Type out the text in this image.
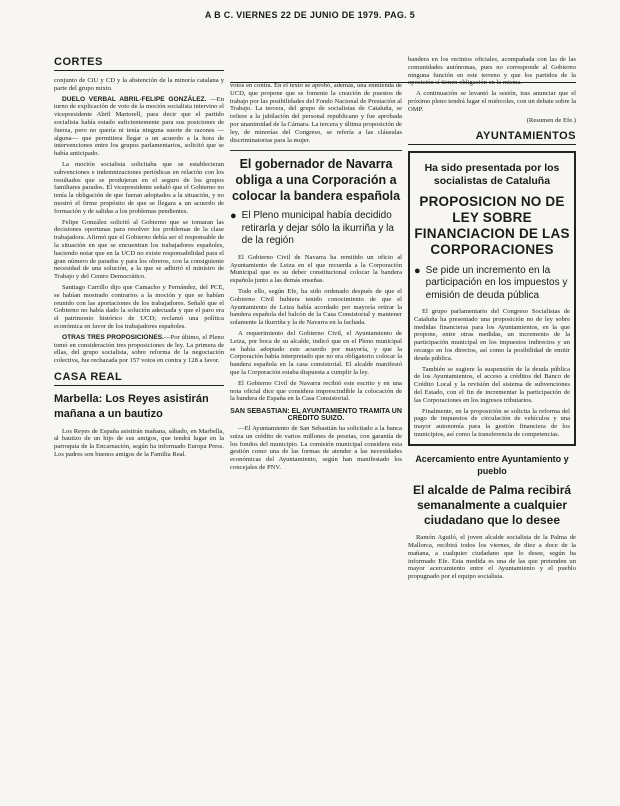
A B C. VIERNES 22 DE JUNIO DE 1979. PAG. 5
CORTES

conjunto de CiU y CD y la abstención de la minoría catalana y parte del grupo mixto.

DUELO VERBAL ABRIL-FELIPE GONZÁLEZ. —En turno de explicación de voto de la moción socialista intervino el vicepresidente Abril Martorell, para decir que el partido socialista había estado suficientemente para sus posiciones de fuerza, pero no quería ni tenía ninguna suerte de razones —alguna— que permitiera llegar a un acuerdo a la hora de intervenciones entre los grupos parlamentarios, solicitó que se había anticipado.

La moción socialista solicitaba que se establecieran subvenciones e indemnizaciones periódicas en relación con los resultados que se produjeran en el seguro de los grupos familiares parados. El vicepresidente señaló que el Gobierno no tenía la obligación de que fueran adoptados a la situación, y no mostró el firme propósito de que se llegara a un acuerdo de formación y de salidas a los problemas pendientes.

Felipe González solicitó al Gobierno que se tomaran las decisiones oportunas para resolver los problemas de la clase trabajadora. Afirmó que el Gobierno debía ser el responsable de la situación en que se encuentran los trabajadores españoles, haciendo notar que en la UCD no existe responsabilidad para el gran número de parados y para los obreros, con la consiguiente necesidad de una solución, a la que se adhirió el ministro de Trabajo y del Centro Democrático.

Santiago Carrillo dijo que Camacho y Fernández, del PCE, se habían mostrado contrarios a la moción y que se habían reunido con las aportaciones de los trabajadores. Señaló que el Gobierno no había dado la solución adecuada y que el paro era el patrimonio histórico de UCD; reclamó una política económica en favor de los trabajadores españoles.

OTRAS TRES PROPOSICIONES.—Por último, el Pleno tomó en consideración tres proposiciones de ley. La primera de ellas, del grupo socialista, sobre reforma de la negociación colectiva, fue rechazada por 157 votos en contra y 128 a favor.

CASA REAL
Marbella: Los Reyes asistirán mañana a un bautizo

Los Reyes de España asistirán mañana, sábado, en Marbella, al bautizo de un hijo de sus amigos, que tendrá lugar en la parroquia de la Encarnación, según ha informado Europa Press. Los padres son buenos amigos de la Familia Real.

votos en contra. En el texto se aprobó, además, una enmienda de UCD, que propone que se fomente la creación de puestos de trabajo por las posibilidades del Fondo Nacional de Prestación al Trabajo. La tercera, del grupo de socialistas de Cataluña, se refiere a la jubilación del personal republicano y fue aprobada por unanimidad de la Cámara. La tercera y última proposición de ley, de minorías del Congreso, se refería a las cláusulas discriminatorias para la mujer.

El gobernador de Navarra obliga a una Corporación a colocar la bandera española
● El Pleno municipal había decidido retirarla y dejar sólo la ikurriña y la de la región

El Gobierno Civil de Navarra ha remitido un oficio al Ayuntamiento de Leiza en el que recuerda a la Corporación Municipal que es su deber constitucional colocar la bandera española junto a las demás enseñas.

Todo ello, según Efe, ha sido ordenado después de que el Gobierno Civil hubiera tenido conocimiento de que el Ayuntamiento de Leiza había acordado por mayoría retirar la bandera española del balcón de la Casa Consistorial y mantener solamente la ikurriña y la de Navarra en la fachada.

A requerimiento del Gobierno Civil, el Ayuntamiento de Leiza, por boca de su alcalde, indicó que en el Pleno municipal se había adoptado este acuerdo por mayoría, y que la Corporación había interpretado que no era obligatorio colocar la bandera española en la casa consistorial. El alcalde manifestó que la Corporación estaba dispuesta a cumplir la ley.

El Gobierno Civil de Navarra recibió este escrito y en una nota oficial dice que considera imprescindible la colocación de la bandera de España en la Casa Consistorial.

SAN SEBASTIAN: EL AYUNTAMIENTO TRAMITA UN CRÉDITO SUIZO.

—El Ayuntamiento de San Sebastián ha solicitado a la banca suiza un crédito de varios millones de pesetas, con garantía de los fondos del municipio. La comisión municipal considera esta gestión como una de las formas de atender a las necesidades económicas del Ayuntamiento, según han manifestado los concejales de PNV.

bandera en los recintos oficiales, acompañada con las de las comunidades autónomas, pues no corresponde al Gobierno ninguna función en este terreno y que los partidos de la oposición sí tienen obligación en la misma.

A continuación se levantó la sesión, tras anunciar que el próximo pleno tendrá lugar el miércoles, con un debate sobre la OMP.

(Resumen de Efe.)
AYUNTAMIENTOS
Ha sido presentada por los socialistas de Cataluña
PROPOSICION NO DE LEY SOBRE FINANCIACION DE LAS CORPORACIONES
● Se pide un incremento en la participación en los impuestos y emisión de deuda pública

El grupo parlamentario del Congreso Socialistas de Cataluña ha presentado una proposición no de ley sobre medidas financieras para los Ayuntamientos, en la que propone, entre otras medidas, un incremento de la participación municipal en los impuestos indirectos y un recargo en los directos, así como la posibilidad de emitir deuda pública.

También se sugiere la suspensión de la deuda pública de los Ayuntamientos, el acceso a créditos del Banco de Crédito Local y la revisión del sistema de subvenciones del Estado, con el fin de incrementar la participación de las Corporaciones en los ingresos tributarios.

Finalmente, en la proposición se solicita la reforma del pago de impuestos de circulación de vehículos y una mayor autonomía para la gestión financiera de los municipios, así como la transferencia de competencias.

Acercamiento entre Ayuntamiento y pueblo
El alcalde de Palma recibirá semanalmente a cualquier ciudadano que lo desee

Ramón Aguiló, el joven alcalde socialista de la Palma de Mallorca, recibirá todos los viernes, de diez a doce de la mañana, a cualquier ciudadano que lo desee, según ha informado Efe. Esta medida es una de las que pretenden un mayor acercamiento entre el Ayuntamiento y el pueblo propugnado por el equipo socialista.
